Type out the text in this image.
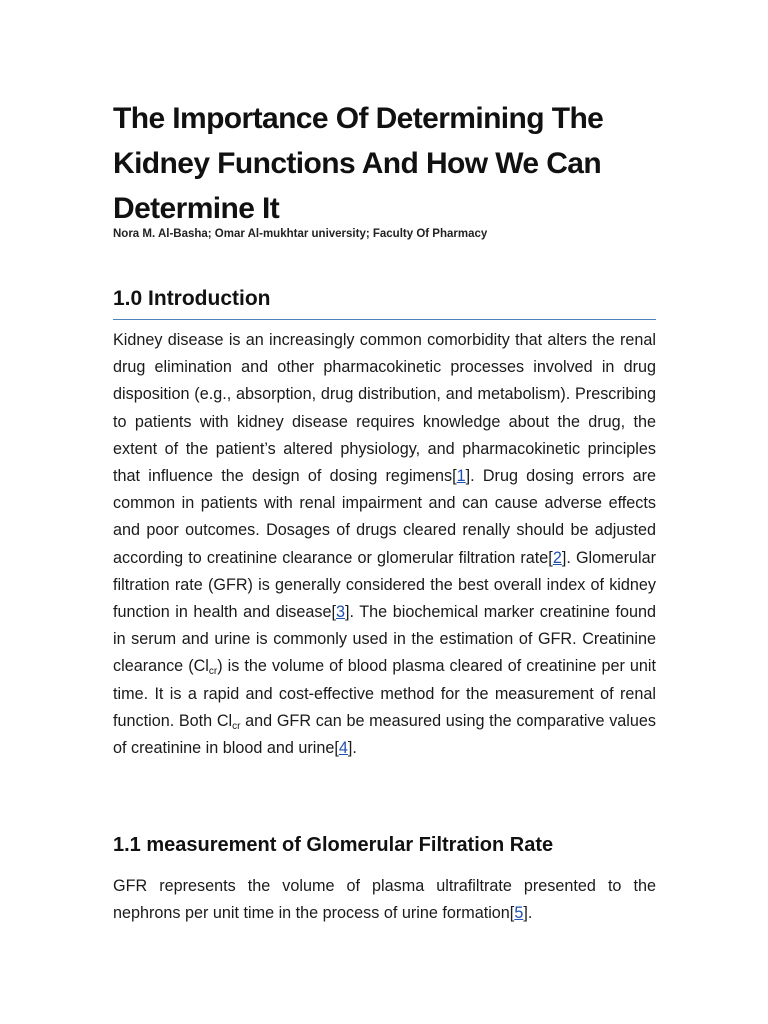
The Importance Of Determining The Kidney Functions And How We Can Determine It

Nora M. Al-Basha; Omar Al-mukhtar university; Faculty Of Pharmacy

1.0 Introduction

Kidney disease is an increasingly common comorbidity that alters the renal drug elimination and other pharmacokinetic processes involved in drug disposition (e.g., absorption, drug distribution, and metabolism). Prescribing to patients with kidney disease requires knowledge about the drug, the extent of the patient’s altered physiology, and pharmacokinetic principles that influence the design of dosing regimens[1]. Drug dosing errors are common in patients with renal impairment and can cause adverse effects and poor outcomes. Dosages of drugs cleared renally should be adjusted according to creatinine clearance or glomerular filtration rate[2]. Glomerular filtration rate (GFR) is generally considered the best overall index of kidney function in health and disease[3]. The biochemical marker creatinine found in serum and urine is commonly used in the estimation of GFR. Creatinine clearance $(Cl_{cr})$ is the volume of blood plasma cleared of creatinine per unit time. It is a rapid and cost-effective method for the measurement of renal function. Both $Cl_{cr}$ and GFR can be measured using the comparative values of creatinine in blood and urine[4].

1.1 measurement of Glomerular Filtration Rate

GFR represents the volume of plasma ultrafiltrate presented to the nephrons per unit time in the process of urine formation[5].
